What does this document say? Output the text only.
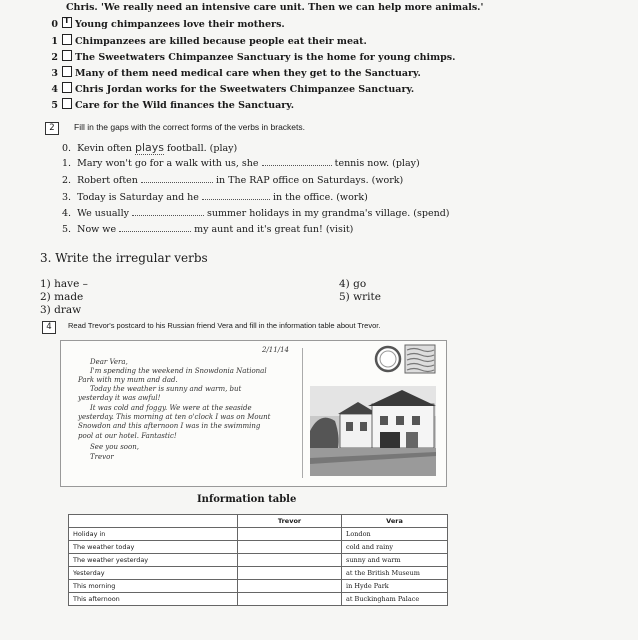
Chris. 'We really need an intensive care unit. Then we can help more animals.'
0 T Young chimpanzees love their mothers.
1 Chimpanzees are killed because people eat their meat.
2 The Sweetwaters Chimpanzee Sanctuary is the home for young chimps.
3 Many of them need medical care when they get to the Sanctuary.
4 Chris Jordan works for the Sweetwaters Chimpanzee Sanctuary.
5 Care for the Wild finances the Sanctuary.
2	Fill in the gaps with the correct forms of the verbs in brackets.
0. Kevin often plays football. (play)
1. Mary won't go for a walk with us, she	tennis now. (play)
2. Robert often	in The RAP office on Saturdays. (work)
3. Today is Saturday and he	in the office. (work)
4. We usually	summer holidays in my grandma's village. (spend)
5. Now we	my aunt and it's great fun! (visit)
3. Write the irregular verbs
1) have –
2) made
3) draw
4) go
5) write
4	Read Trevor's postcard to his Russian friend Vera and fill in the information table about Trevor.
2/11/14
Dear Vera,
I'm spending the weekend in Snowdonia National
Park with my mum and dad.
Today the weather is sunny and warm, but
yesterday it was awful!
It was cold and foggy. We were at the seaside
yesterday. This morning at ten o'clock I was on Mount
Snowdon and this afternoon I was in the swimming
pool at our hotel. Fantastic!
See you soon,
Trevor
Information table
	Trevor	Vera
Holiday in		London
The weather today		cold and rainy
The weather yesterday		sunny and warm
Yesterday		at the British Museum
This morning		in Hyde Park
This afternoon		at Buckingham Palace
